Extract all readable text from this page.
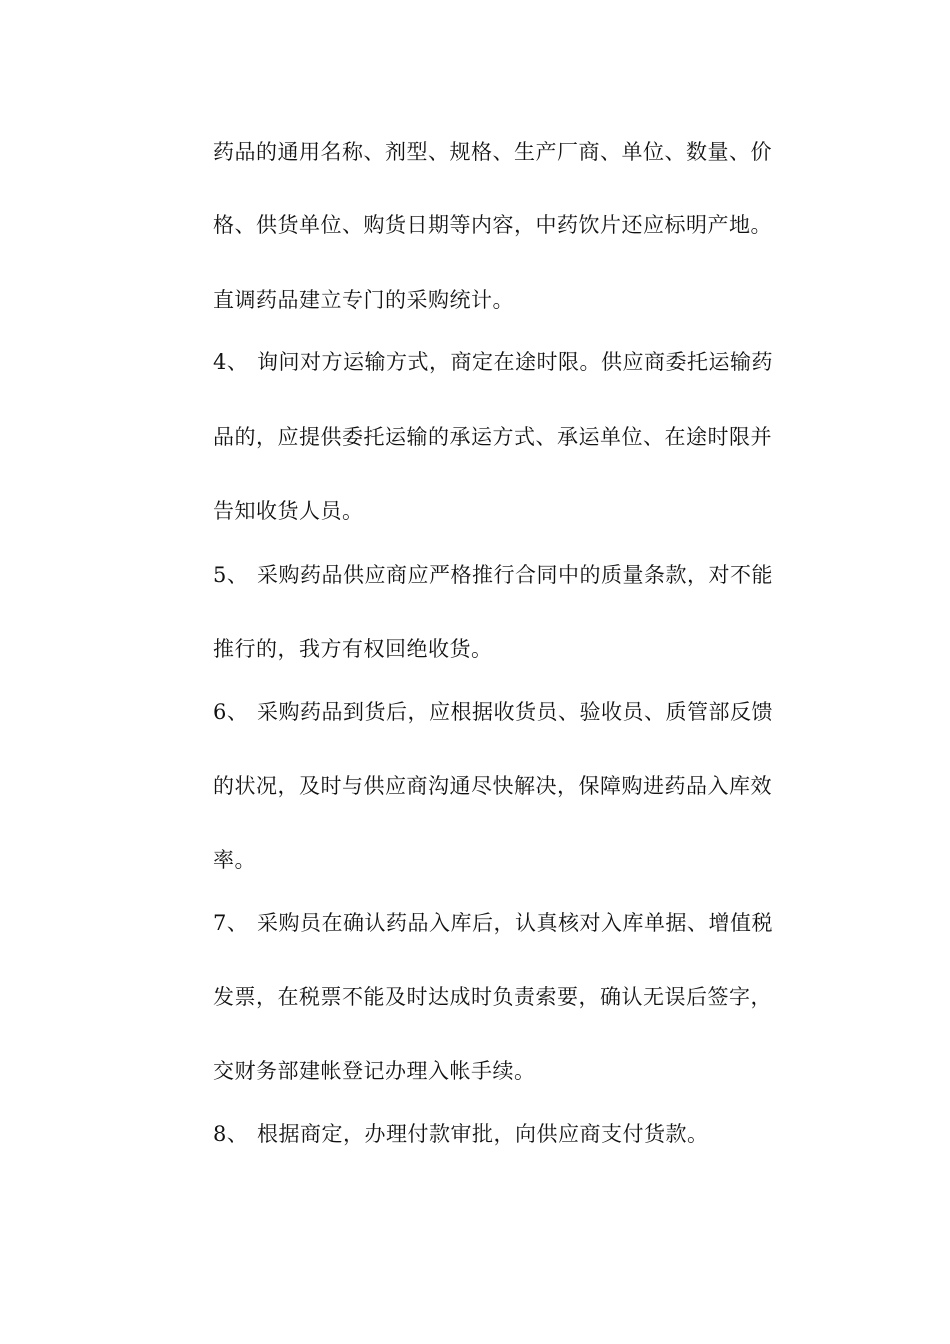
药品的通用名称、剂型、规格、生产厂商、单位、数量、价
格、供货单位、购货日期等内容，中药饮片还应标明产地。
直调药品建立专门的采购统计。
4、 询问对方运输方式，商定在途时限。供应商委托运输药
品的，应提供委托运输的承运方式、承运单位、在途时限并
告知收货人员。
5、 采购药品供应商应严格推行合同中的质量条款，对不能
推行的，我方有权回绝收货。
6、 采购药品到货后，应根据收货员、验收员、质管部反馈
的状况，及时与供应商沟通尽快解决，保障购进药品入库效
率。
7、 采购员在确认药品入库后，认真核对入库单据、增值税
发票，在税票不能及时达成时负责索要，确认无误后签字，
交财务部建帐登记办理入帐手续。
8、 根据商定，办理付款审批，向供应商支付货款。
